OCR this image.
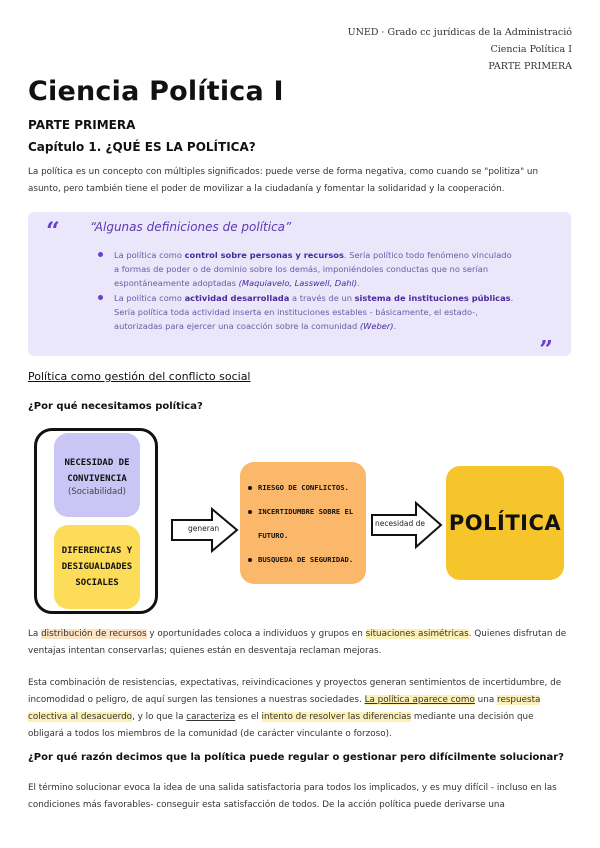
UNED · Grado cc jurídicas de la Administració
Ciencia Política I
PARTE PRIMERA
Ciencia Política I
PARTE PRIMERA
Capítulo 1. ¿QUÉ ES LA POLÍTICA?
La política es un concepto con múltiples significados: puede verse de forma negativa, como cuando se "politiza" un asunto, pero también tiene el poder de movilizar a la ciudadanía y fomentar la solidaridad y la cooperación.
“	“Algunas definiciones de política”
La política como control sobre personas y recursos. Sería político todo fenómeno vinculado a formas de poder o de dominio sobre los demás, imponiéndoles conductas que no serían espontáneamente adoptadas (Maquiavelo, Lasswell, Dahl).
La política como actividad desarrollada a través de un sistema de instituciones públicas. Sería política toda actividad inserta en instituciones estables - básicamente, el estado-, autorizadas para ejercer una coacción sobre la comunidad (Weber).
”
Política como gestión del conflicto social
¿Por qué necesitamos política?
NECESIDAD DE CONVIVENCIA
(Sociabilidad)
DIFERENCIAS Y DESIGUALDADES SOCIALES
generan
RIESGO DE CONFLICTOS.
INCERTIDUMBRE SOBRE EL FUTURO.
BUSQUEDA DE SEGURIDAD.
necesidad de POLÍTICA
La distribución de recursos y oportunidades coloca a individuos y grupos en situaciones asimétricas. Quienes disfrutan de ventajas intentan conservarlas; quienes están en desventaja reclaman mejoras.
Esta combinación de resistencias, expectativas, reivindicaciones y proyectos generan sentimientos de incertidumbre, de incomodidad o peligro, de aquí surgen las tensiones a nuestras sociedades. La política aparece como una respuesta colectiva al desacuerdo, y lo que la caracteriza es el intento de resolver las diferencias mediante una decisión que obligará a todos los miembros de la comunidad (de carácter vinculante o forzoso).
¿Por qué razón decimos que la política puede regular o gestionar pero difícilmente solucionar?
El término solucionar evoca la idea de una salida satisfactoria para todos los implicados, y es muy difícil - incluso en las condiciones más favorables- conseguir esta satisfacción de todos. De la acción política puede derivarse una
